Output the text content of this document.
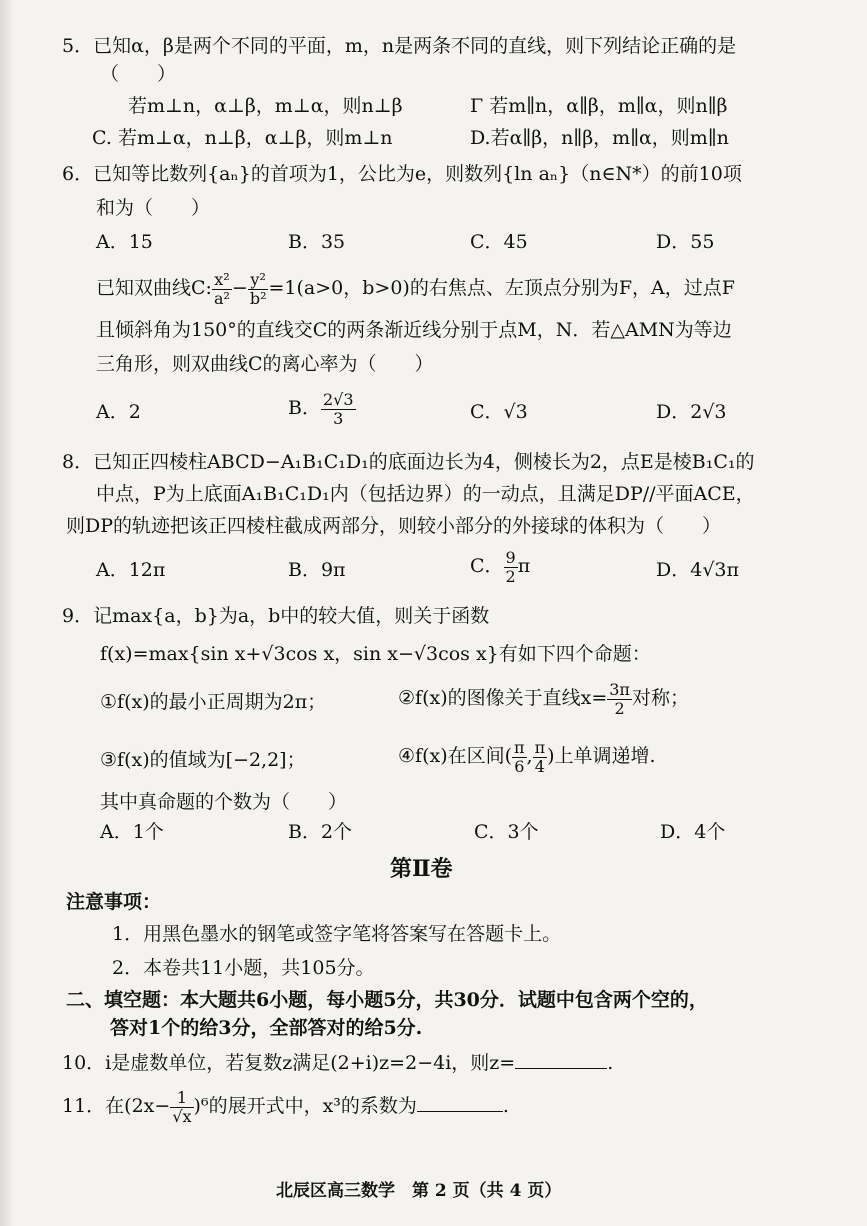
5．已知α，β是两个不同的平面，m，n是两条不同的直线，则下列结论正确的是
（　　）
若m⊥n，α⊥β，m⊥α，则n⊥β	Γ 若m∥n，α∥β，m∥α，则n∥β
C. 若m⊥α，n⊥β，α⊥β，则m⊥n	D.若α∥β，n∥β，m∥α，则m∥n
6．已知等比数列{aₙ}的首项为1，公比为e，则数列{ln aₙ}（n∈N*）的前10项
和为（　　）
A．15	B．35	C．45	D．55
已知双曲线C: $\frac{\text{x²}}{\text{a²}} - \frac{\text{y²}}{\text{b²}} =1(a>0$，b>0)的右焦点、左顶点分别为F，A，过点F
且倾斜角为150°的直线交C的两条渐近线分别于点M，N．若△AMN为等边
三角形，则双曲线C的离心率为（　　）
A．2	B． $\frac{2√3}{3}$	C．√3	D．2√3
8．已知正四棱柱ABCD−A₁B₁C₁D₁的底面边长为4，侧棱长为2，点E是棱B₁C₁的
中点，P为上底面A₁B₁C₁D₁内（包括边界）的一动点，且满足DP//平面ACE，
则DP的轨迹把该正四棱柱截成两部分，则较小部分的外接球的体积为（　　）
A．12π	B．9π	C． $\frac{9}{2}$ π	D．4√3π
9．记max{a，b}为a，b中的较大值，则关于函数
f(x)=max{sin x+√3cos x，sin x−√3cos x}有如下四个命题：
①f(x)的最小正周期为2π；	②f(x)的图像关于直线$x= \frac{3\pi}{2}$ 对称；
③f(x)的值域为[−2,2]；	④f(x)在区间( $\frac{\pi}{6}$ , $\frac{\pi}{4}$ )上单调递增.
其中真命题的个数为（　　）
A．1个	B．2个	C．3个	D．4个
第Ⅱ卷
注意事项：
1．用黑色墨水的钢笔或签字笔将答案写在答题卡上。
2．本卷共11小题，共105分。
二、填空题：本大题共6小题，每小题5分，共30分．试题中包含两个空的，
答对1个的给3分，全部答对的给5分.
10．i是虚数单位，若复数z满足(2+i)z=2−4i，则z=	.
11．在$(2x- \frac{1}{√x} )^6$的展开式中，x³的系数为	.
北辰区高三数学　第 2 页（共 4 页）
